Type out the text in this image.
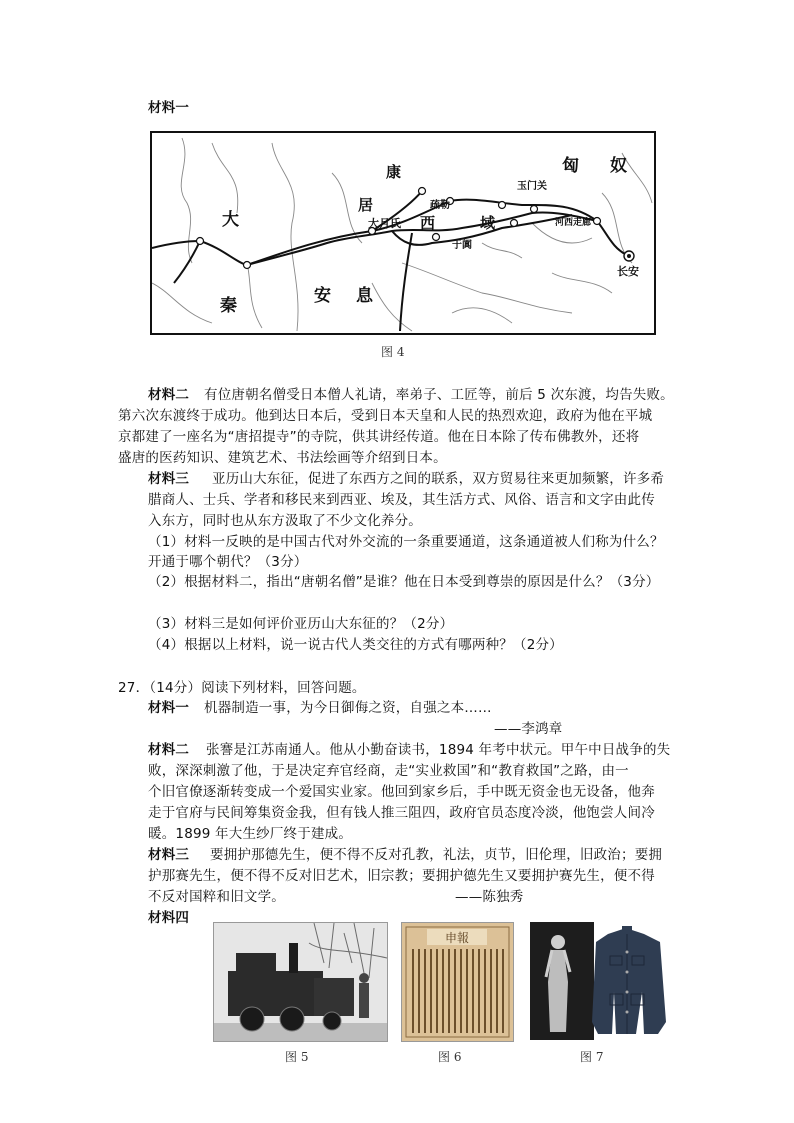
材料一
匈 奴
康
居
大
秦	安 息
大月氏 西	域
疏勒
玉门关
河西走廊
于阗
长安
图 4
材料二 有位唐朝名僧受日本僧人礼请，率弟子、工匠等，前后 5 次东渡，均告失败。
第六次东渡终于成功。他到达日本后，受到日本天皇和人民的热烈欢迎，政府为他在平城
京都建了一座名为“唐招提寺”的寺院，供其讲经传道。他在日本除了传布佛教外，还将
盛唐的医药知识、建筑艺术、书法绘画等介绍到日本。
材料三 亚历山大东征，促进了东西方之间的联系，双方贸易往来更加频繁，许多希
腊商人、士兵、学者和移民来到西亚、埃及，其生活方式、风俗、语言和文字由此传
入东方，同时也从东方汲取了不少文化养分。
（1）材料一反映的是中国古代对外交流的一条重要通道，这条通道被人们称为什么？
开通于哪个朝代？（3分）
（2）根据材料二，指出“唐朝名僧”是谁？他在日本受到尊崇的原因是什么？（3分）
（3）材料三是如何评价亚历山大东征的？（2分）
（4）根据以上材料，说一说古代人类交往的方式有哪两种？（2分）
27．（14分）阅读下列材料，回答问题。
材料一 机器制造一事，为今日御侮之资，自强之本……
——李鸿章
材料二 张謇是江苏南通人。他从小勤奋读书，1894 年考中状元。甲午中日战争的失
败，深深刺激了他，于是决定弃官经商，走“实业救国”和“教育救国”之路，由一
个旧官僚逐渐转变成一个爱国实业家。他回到家乡后，手中既无资金也无设备，他奔
走于官府与民间筹集资金我，但有钱人推三阻四，政府官员态度冷淡，他饱尝人间冷
暖。1899 年大生纱厂终于建成。
材料三 要拥护那德先生，便不得不反对孔教，礼法，贞节，旧伦理，旧政治；要拥
护那赛先生，便不得不反对旧艺术，旧宗教；要拥护德先生又要拥护赛先生，便不得
不反对国粹和旧文学。	——陈独秀
材料四
图 5
申報
图 6	图 7
